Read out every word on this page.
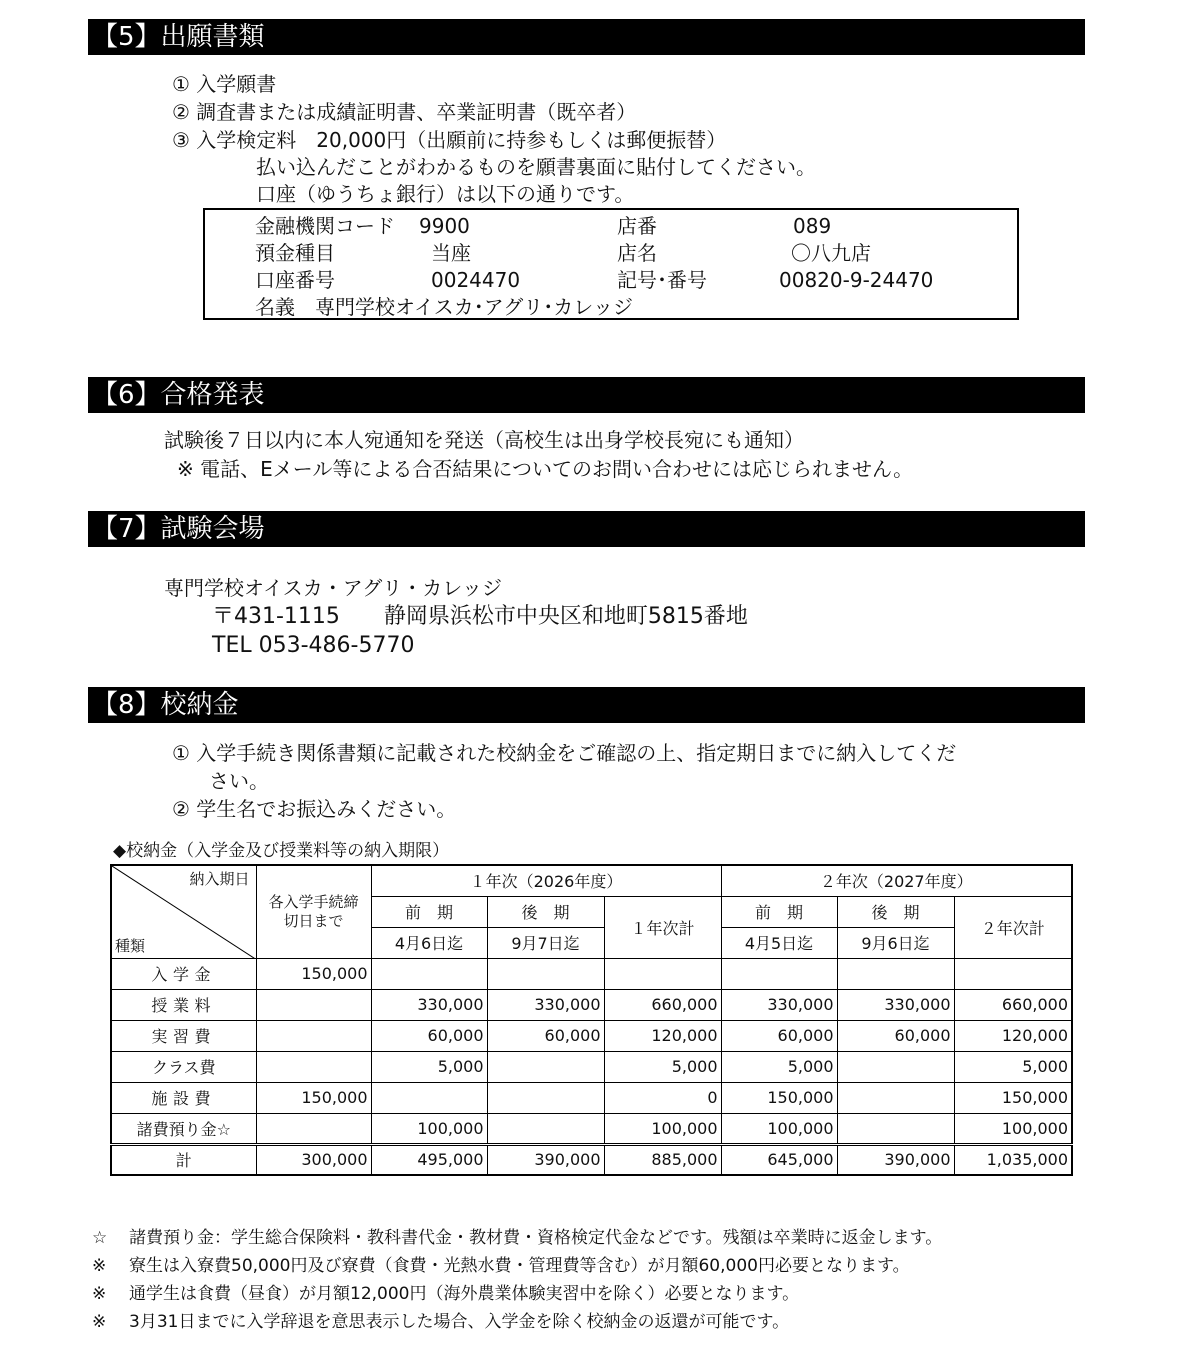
【5】出願書類
① 入学願書
② 調査書または成績証明書、卒業証明書（既卒者）
③ 入学検定料　20,000円（出願前に持参もしくは郵便振替）
払い込んだことがわかるものを願書裏面に貼付してください。
口座（ゆうちょ銀行）は以下の通りです。
金融機関コード 9900	店番	089
預金種目	当座	店名	〇八九店
口座番号	0024470	記号･番号	00820-9-24470
名義　専門学校オイスカ･アグリ･カレッジ
【6】合格発表
試験後７日以内に本人宛通知を発送（高校生は出身学校長宛にも通知）
※ 電話、Eメール等による合否結果についてのお問い合わせには応じられません。
【7】試験会場
専門学校オイスカ・アグリ・カレッジ
〒431-1115　　静岡県浜松市中央区和地町5815番地
TEL 053-486-5770
【8】校納金
① 入学手続き関係書類に記載された校納金をご確認の上、指定期日までに納入してくだ
さい。
② 学生名でお振込みください。
◆校納金（入学金及び授業料等の納入期限）
納入期日
種類	各入学手続締切日まで	１年次（2026年度）			２年次（2027年度）		
		前　期	後　期	１年次計	前　期	後　期	２年次計
		4月6日迄	9月7日迄		4月5日迄	9月6日迄	
入学金	150,000						
授業料		330,000	330,000	660,000	330,000	330,000	660,000
実習費		60,000	60,000	120,000	60,000	60,000	120,000
クラス費		5,000		5,000	5,000		5,000
施設費	150,000			0	150,000		150,000
諸費預り金☆		100,000		100,000	100,000		100,000
計	300,000	495,000	390,000	885,000	645,000	390,000	1,035,000
☆ 諸費預り金：学生総合保険料・教科書代金・教材費・資格検定代金などです。残額は卒業時に返金します。
※ 寮生は入寮費50,000円及び寮費（食費・光熱水費・管理費等含む）が月額60,000円必要となります。
※ 通学生は食費（昼食）が月額12,000円（海外農業体験実習中を除く）必要となります。
※ 3月31日までに入学辞退を意思表示した場合、入学金を除く校納金の返還が可能です。
